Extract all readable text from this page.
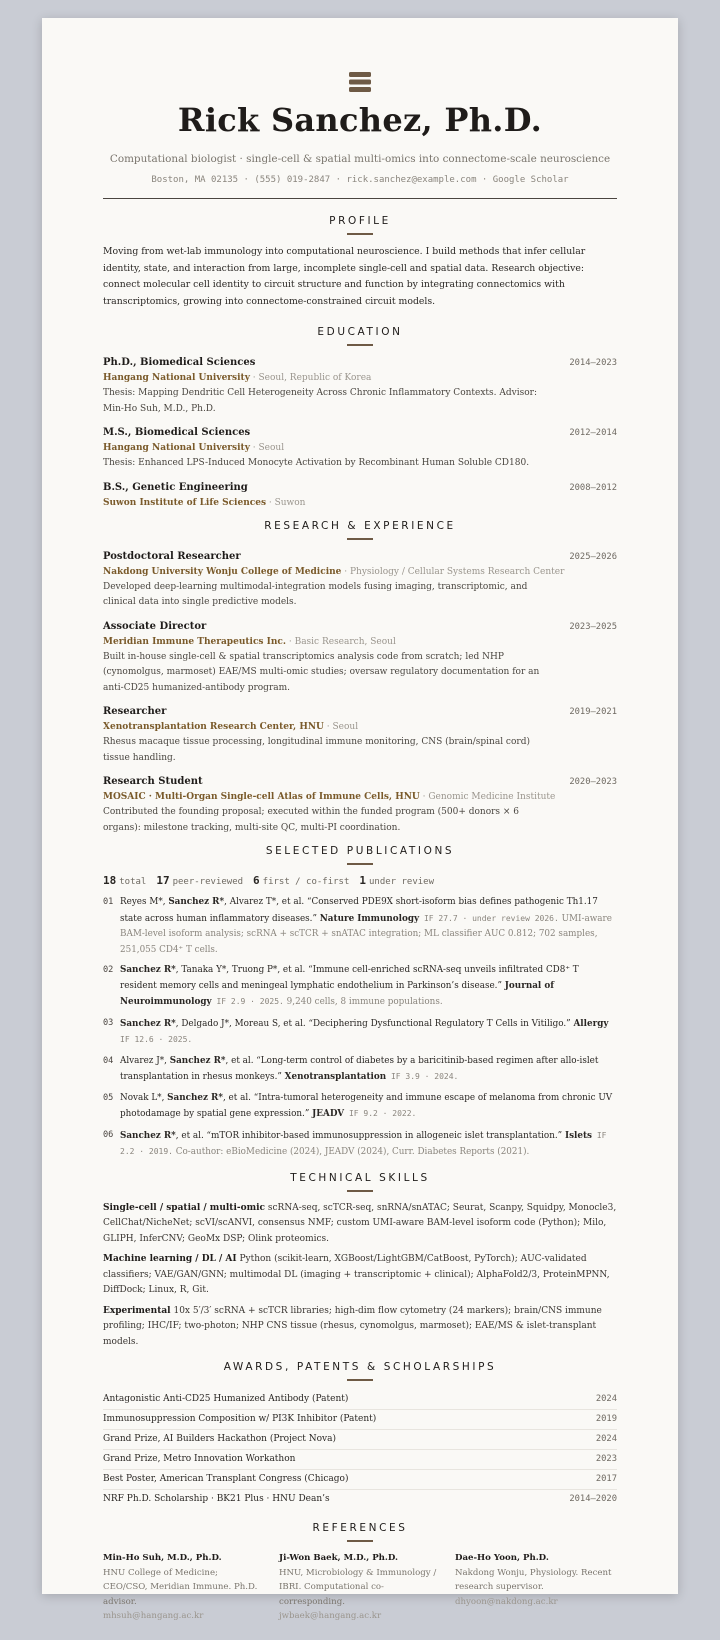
Rick Sanchez, Ph.D.
Computational biologist · single-cell & spatial multi-omics into connectome-scale neuroscience
Boston, MA 02135 · (555) 019-2847 · rick.sanchez@example.com · Google Scholar
PROFILE
Moving from wet-lab immunology into computational neuroscience. I build methods that infer cellular identity, state, and interaction from large, incomplete single-cell and spatial data. Research objective: connect molecular cell identity to circuit structure and function by integrating connectomics with transcriptomics, growing into connectome-constrained circuit models.
EDUCATION
Ph.D., Biomedical Sciences	2014–2023
Hangang National University · Seoul, Republic of Korea
Thesis: Mapping Dendritic Cell Heterogeneity Across Chronic Inflammatory Contexts. Advisor: Min-Ho Suh, M.D., Ph.D.
M.S., Biomedical Sciences	2012–2014
Hangang National University · Seoul
Thesis: Enhanced LPS-Induced Monocyte Activation by Recombinant Human Soluble CD180.
B.S., Genetic Engineering	2008–2012
Suwon Institute of Life Sciences · Suwon
RESEARCH & EXPERIENCE
Postdoctoral Researcher	2025–2026
Nakdong University Wonju College of Medicine · Physiology / Cellular Systems Research Center
Developed deep-learning multimodal-integration models fusing imaging, transcriptomic, and clinical data into single predictive models.
Associate Director	2023–2025
Meridian Immune Therapeutics Inc. · Basic Research, Seoul
Built in-house single-cell & spatial transcriptomics analysis code from scratch; led NHP (cynomolgus, marmoset) EAE/MS multi-omic studies; oversaw regulatory documentation for an anti-CD25 humanized-antibody program.
Researcher	2019–2021
Xenotransplantation Research Center, HNU · Seoul
Rhesus macaque tissue processing, longitudinal immune monitoring, CNS (brain/spinal cord) tissue handling.
Research Student	2020–2023
MOSAIC · Multi-Organ Single-cell Atlas of Immune Cells, HNU · Genomic Medicine Institute
Contributed the founding proposal; executed within the funded program (500+ donors × 6 organs): milestone tracking, multi-site QC, multi-PI coordination.
SELECTED PUBLICATIONS
18 total 17 peer-reviewed 6 first / co-first 1 under review
01 Reyes M*, Sanchez R*, Alvarez T*, et al. “Conserved PDE9X short-isoform bias defines pathogenic Th1.17 state across human inflammatory diseases.” Nature Immunology IF 27.7 · under review 2026. UMI-aware BAM-level isoform analysis; scRNA + scTCR + snATAC integration; ML classifier AUC 0.812; 702 samples, 251,055 CD4⁺ T cells.
02 Sanchez R*, Tanaka Y*, Truong P*, et al. “Immune cell-enriched scRNA-seq unveils infiltrated CD8⁺ T resident memory cells and meningeal lymphatic endothelium in Parkinson’s disease.” Journal of Neuroimmunology IF 2.9 · 2025. 9,240 cells, 8 immune populations.
03 Sanchez R*, Delgado J*, Moreau S, et al. “Deciphering Dysfunctional Regulatory T Cells in Vitiligo.” Allergy IF 12.6 · 2025.
04 Alvarez J*, Sanchez R*, et al. “Long-term control of diabetes by a baricitinib-based regimen after allo-islet transplantation in rhesus monkeys.” Xenotransplantation IF 3.9 · 2024.
05 Novak L*, Sanchez R*, et al. “Intra-tumoral heterogeneity and immune escape of melanoma from chronic UV photodamage by spatial gene expression.” JEADV IF 9.2 · 2022.
06 Sanchez R*, et al. “mTOR inhibitor-based immunosuppression in allogeneic islet transplantation.” Islets IF 2.2 · 2019. Co-author: eBioMedicine (2024), JEADV (2024), Curr. Diabetes Reports (2021).
TECHNICAL SKILLS
Single-cell / spatial / multi-omic scRNA-seq, scTCR-seq, snRNA/snATAC; Seurat, Scanpy, Squidpy, Monocle3, CellChat/NicheNet; scVI/scANVI, consensus NMF; custom UMI-aware BAM-level isoform code (Python); Milo, GLIPH, InferCNV; GeoMx DSP; Olink proteomics.
Machine learning / DL / AI Python (scikit-learn, XGBoost/LightGBM/CatBoost, PyTorch); AUC-validated classifiers; VAE/GAN/GNN; multimodal DL (imaging + transcriptomic + clinical); AlphaFold2/3, ProteinMPNN, DiffDock; Linux, R, Git.
Experimental 10x 5′/3′ scRNA + scTCR libraries; high-dim flow cytometry (24 markers); brain/CNS immune profiling; IHC/IF; two-photon; NHP CNS tissue (rhesus, cynomolgus, marmoset); EAE/MS & islet-transplant models.
AWARDS, PATENTS & SCHOLARSHIPS
Antagonistic Anti-CD25 Humanized Antibody (Patent)	2024
Immunosuppression Composition w/ PI3K Inhibitor (Patent)	2019
Grand Prize, AI Builders Hackathon (Project Nova)	2024
Grand Prize, Metro Innovation Workathon	2023
Best Poster, American Transplant Congress (Chicago)	2017
NRF Ph.D. Scholarship · BK21 Plus · HNU Dean’s	2014–2020
REFERENCES
Min-Ho Suh, M.D., Ph.D.
HNU College of Medicine; CEO/CSO, Meridian Immune. Ph.D. advisor.
mhsuh@hangang.ac.kr
Ji-Won Baek, M.D., Ph.D.
HNU, Microbiology & Immunology / IBRI. Computational co-corresponding.
jwbaek@hangang.ac.kr
Dae-Ho Yoon, Ph.D.
Nakdong Wonju, Physiology. Recent research supervisor.
dhyoon@nakdong.ac.kr
